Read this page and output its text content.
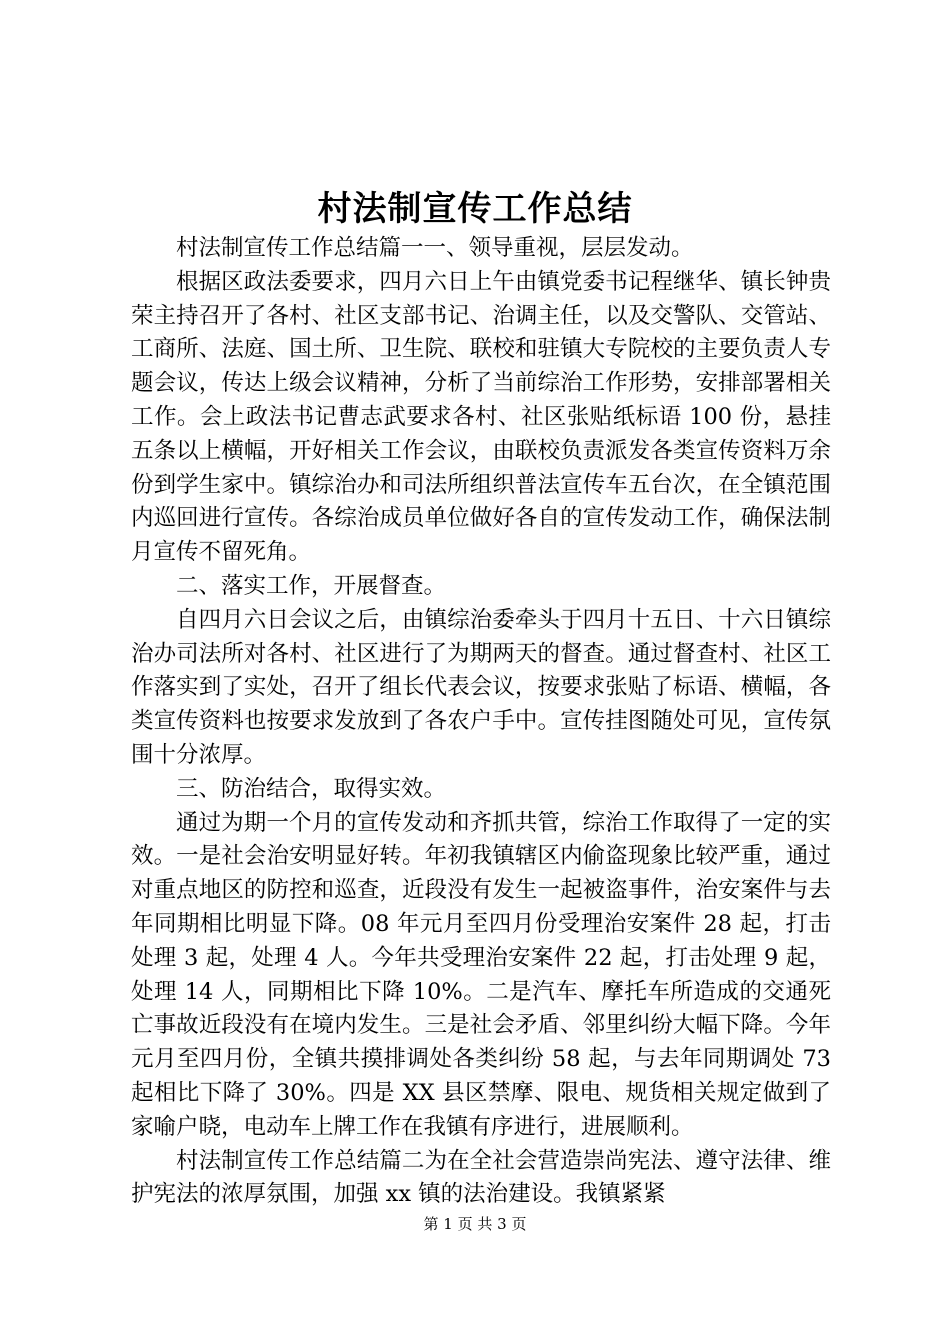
村法制宣传工作总结

村法制宣传工作总结篇一一、领导重视，层层发动。

根据区政法委要求，四月六日上午由镇党委书记程继华、镇长钟贵荣主持召开了各村、社区支部书记、治调主任，以及交警队、交管站、工商所、法庭、国土所、卫生院、联校和驻镇大专院校的主要负责人专题会议，传达上级会议精神，分析了当前综治工作形势，安排部署相关工作。会上政法书记曹志武要求各村、社区张贴纸标语 100 份，悬挂五条以上横幅，开好相关工作会议，由联校负责派发各类宣传资料万余份到学生家中。镇综治办和司法所组织普法宣传车五台次，在全镇范围内巡回进行宣传。各综治成员单位做好各自的宣传发动工作，确保法制月宣传不留死角。

二、落实工作，开展督查。

自四月六日会议之后，由镇综治委牵头于四月十五日、十六日镇综治办司法所对各村、社区进行了为期两天的督查。通过督查村、社区工作落实到了实处，召开了组长代表会议，按要求张贴了标语、横幅，各类宣传资料也按要求发放到了各农户手中。宣传挂图随处可见，宣传氛围十分浓厚。

三、防治结合，取得实效。

通过为期一个月的宣传发动和齐抓共管，综治工作取得了一定的实效。一是社会治安明显好转。年初我镇辖区内偷盗现象比较严重，通过对重点地区的防控和巡查，近段没有发生一起被盗事件，治安案件与去年同期相比明显下降。08 年元月至四月份受理治安案件 28 起，打击处理 3 起，处理 4 人。今年共受理治安案件 22 起，打击处理 9 起，处理 14 人，同期相比下降 10%。二是汽车、摩托车所造成的交通死亡事故近段没有在境内发生。三是社会矛盾、邻里纠纷大幅下降。今年元月至四月份，全镇共摸排调处各类纠纷 58 起，与去年同期调处 73 起相比下降了 30%。四是 XX 县区禁摩、限电、规货相关规定做到了家喻户晓，电动车上牌工作在我镇有序进行，进展顺利。

村法制宣传工作总结篇二为在全社会营造崇尚宪法、遵守法律、维护宪法的浓厚氛围，加强 xx 镇的法治建设。我镇紧紧

第 1 页 共 3 页
